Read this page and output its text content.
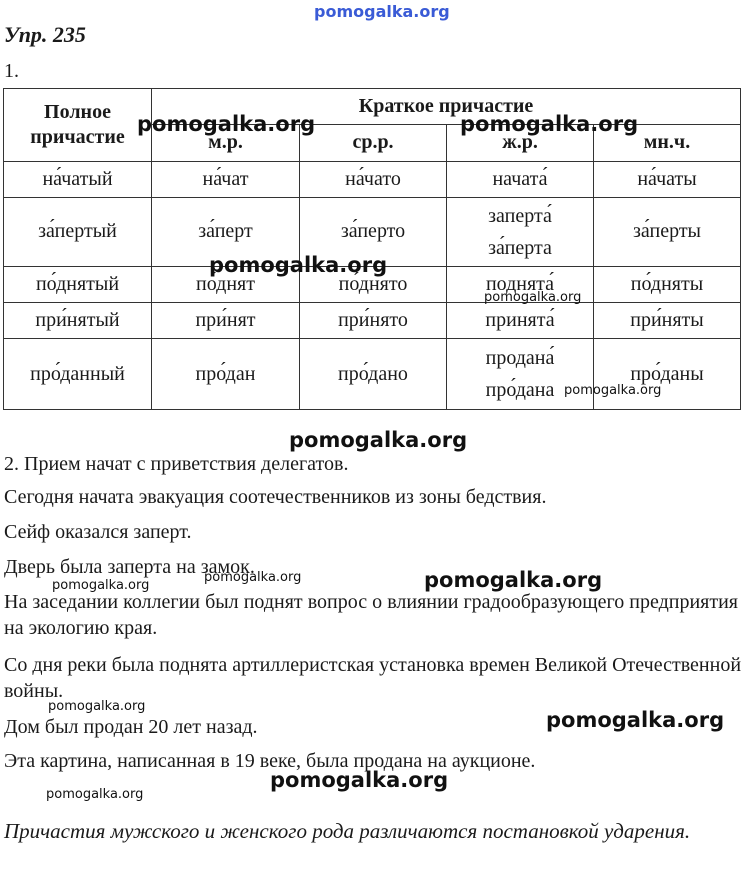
pomogalka.org
pomogalka.org	pomogalka.org
pomogalka.org
pomogalka.org
pomogalka.org
pomogalka.org
pomogalka.org
pomogalka.org	pomogalka.org
pomogalka.org
pomogalka.org
pomogalka.org
pomogalka.org
Упр. 235
1.
Полное причастие	Краткое причастие			
	м.р.	ср.р.	ж.р.	мн.ч.
на́чатый	на́чат	на́чато	начата́	на́чаты
за́пертый	за́перт	за́перто	заперта́ за́перта	за́перты
по́днятый	по́днят	по́днято	поднята́	по́дняты
при́нятый	при́нят	при́нято	принята́	при́няты
про́данный	про́дан	про́дано	продана́ про́дана	про́даны
2. Прием начат с приветствия делегатов.
Сегодня начата эвакуация соотечественников из зоны бедствия.
Сейф оказался заперт.
Дверь была заперта на замок.
На заседании коллегии был поднят вопрос о влиянии градообразующего предприятия на экологию края.
Со дня реки была поднята артиллеристская установка времен Великой Отечественной войны.
Дом был продан 20 лет назад.
Эта картина, написанная в 19 веке, была продана на аукционе.
Причастия мужского и женского рода различаются постановкой ударения.
